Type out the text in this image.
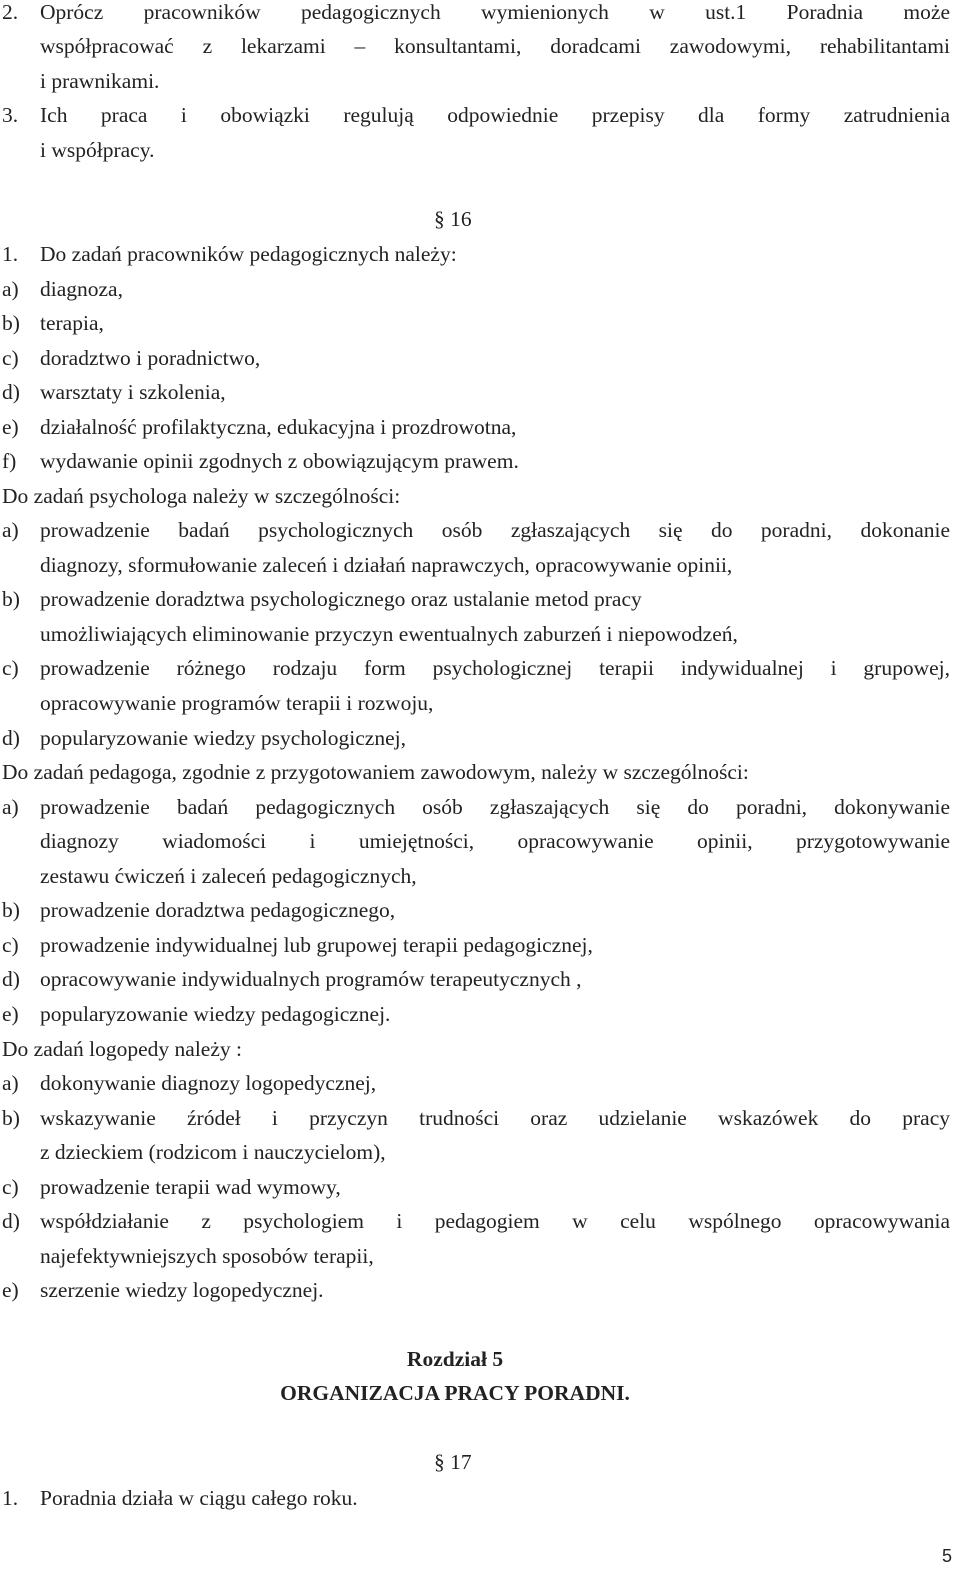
2. Oprócz pracowników pedagogicznych wymienionych w ust.1 Poradnia może
współpracować z lekarzami – konsultantami, doradcami zawodowymi, rehabilitantami
i prawnikami.
3. Ich praca i obowiązki regulują odpowiednie przepisy dla formy zatrudnienia
i współpracy.
§ 16
1. Do zadań pracowników pedagogicznych należy:
a) diagnoza,
b) terapia,
c) doradztwo i poradnictwo,
d) warsztaty i szkolenia,
e) działalność profilaktyczna, edukacyjna i prozdrowotna,
f) wydawanie opinii zgodnych z obowiązującym prawem.
Do zadań psychologa należy w szczególności:
a) prowadzenie badań psychologicznych osób zgłaszających się do poradni, dokonanie
diagnozy, sformułowanie zaleceń i działań naprawczych, opracowywanie opinii,
b) prowadzenie doradztwa psychologicznego oraz ustalanie metod pracy
umożliwiających eliminowanie przyczyn ewentualnych zaburzeń i niepowodzeń,
c) prowadzenie różnego rodzaju form psychologicznej terapii indywidualnej i grupowej,
opracowywanie programów terapii i rozwoju,
d) popularyzowanie wiedzy psychologicznej,
Do zadań pedagoga, zgodnie z przygotowaniem zawodowym, należy w szczególności:
a) prowadzenie badań pedagogicznych osób zgłaszających się do poradni, dokonywanie
diagnozy wiadomości i umiejętności, opracowywanie opinii, przygotowywanie
zestawu ćwiczeń i zaleceń pedagogicznych,
b) prowadzenie doradztwa pedagogicznego,
c) prowadzenie indywidualnej lub grupowej terapii pedagogicznej,
d) opracowywanie indywidualnych programów terapeutycznych ,
e) popularyzowanie wiedzy pedagogicznej.
Do zadań logopedy należy :
a) dokonywanie diagnozy logopedycznej,
b) wskazywanie źródeł i przyczyn trudności oraz udzielanie wskazówek do pracy
z dzieckiem (rodzicom i nauczycielom),
c) prowadzenie terapii wad wymowy,
d) współdziałanie z psychologiem i pedagogiem w celu wspólnego opracowywania
najefektywniejszych sposobów terapii,
e) szerzenie wiedzy logopedycznej.
Rozdział 5
ORGANIZACJA PRACY PORADNI.
§ 17
1. Poradnia działa w ciągu całego roku.
5
